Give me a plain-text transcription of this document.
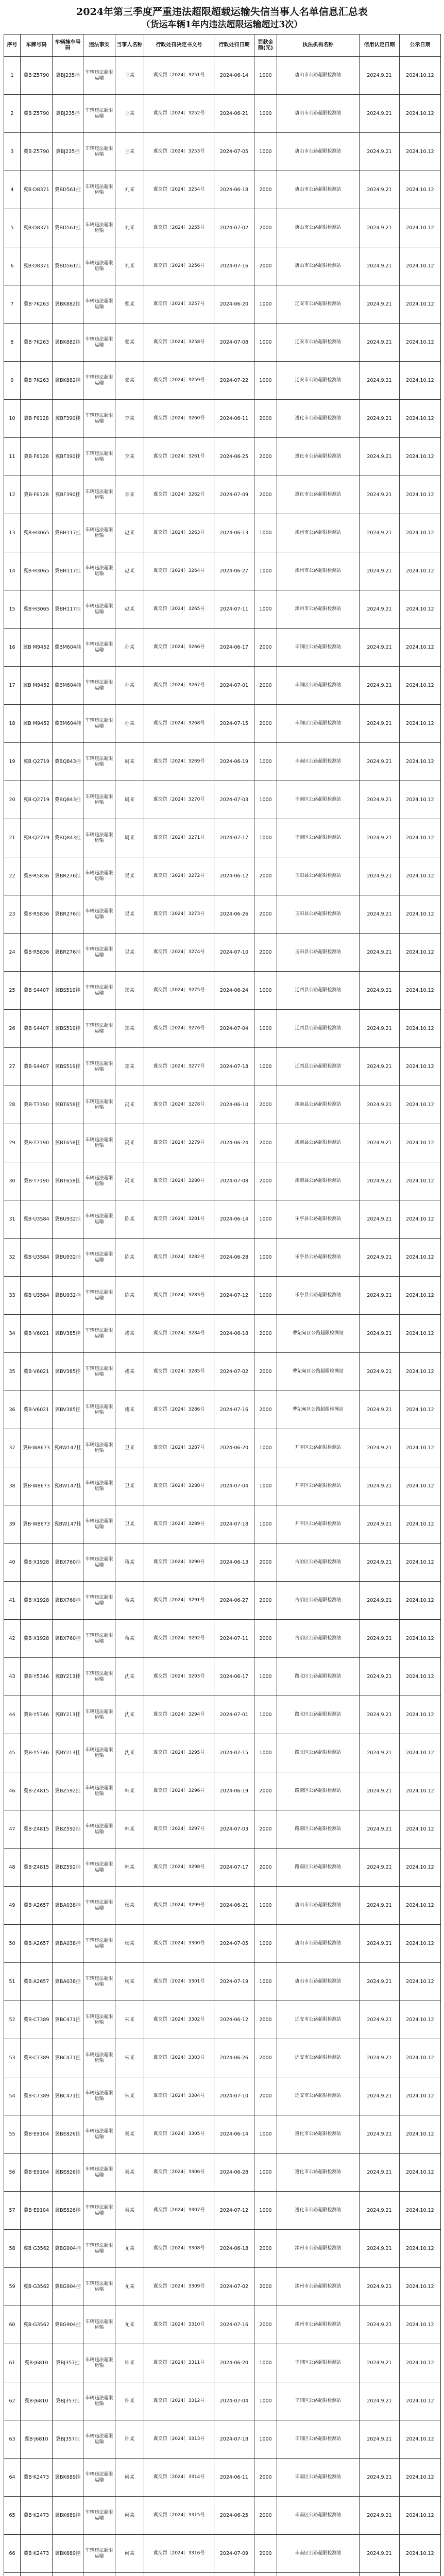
2024年第三季度严重违法超限超载运输失信当事人名单信息汇总表
（货运车辆1年内违法超限运输超过3次）
序号	车牌号码	车辆挂车号码	违法事实	当事人名称	行政处罚决定书文号	行政处罚日期	罚款金额(元)	执法机构名称	信用认定日期	公示日期
1	冀B·Z5790	冀BJ235挂	车辆违法超限运输	王某	冀交罚〔2024〕3251号	2024-06-14	1000	唐山市公路超限检测站	2024.9.21	2024.10.12
2	冀B·Z5790	冀BJ235挂	车辆违法超限运输	王某	冀交罚〔2024〕3252号	2024-06-21	1000	唐山市公路超限检测站	2024.9.21	2024.10.12
3	冀B·Z5790	冀BJ235挂	车辆违法超限运输	王某	冀交罚〔2024〕3253号	2024-07-05	1000	唐山市公路超限检测站	2024.9.21	2024.10.12
4	冀B·D8371	冀BD561挂	车辆违法超限运输	刘某	冀交罚〔2024〕3254号	2024-06-18	2000	唐山市公路超限检测站	2024.9.21	2024.10.12
5	冀B·D8371	冀BD561挂	车辆违法超限运输	刘某	冀交罚〔2024〕3255号	2024-07-02	2000	唐山市公路超限检测站	2024.9.21	2024.10.12
6	冀B·D8371	冀BD561挂	车辆违法超限运输	刘某	冀交罚〔2024〕3256号	2024-07-16	2000	唐山市公路超限检测站	2024.9.21	2024.10.12
7	冀B·7K263	冀BK882挂	车辆违法超限运输	张某	冀交罚〔2024〕3257号	2024-06-20	1000	迁安市公路超限检测站	2024.9.21	2024.10.12
8	冀B·7K263	冀BK882挂	车辆违法超限运输	张某	冀交罚〔2024〕3258号	2024-07-08	1000	迁安市公路超限检测站	2024.9.21	2024.10.12
9	冀B·7K263	冀BK882挂	车辆违法超限运输	张某	冀交罚〔2024〕3259号	2024-07-22	1000	迁安市公路超限检测站	2024.9.21	2024.10.12
10	冀B·F6128	冀BF390挂	车辆违法超限运输	李某	冀交罚〔2024〕3260号	2024-06-11	2000	遵化市公路超限检测站	2024.9.21	2024.10.12
11	冀B·F6128	冀BF390挂	车辆违法超限运输	李某	冀交罚〔2024〕3261号	2024-06-25	2000	遵化市公路超限检测站	2024.9.21	2024.10.12
12	冀B·F6128	冀BF390挂	车辆违法超限运输	李某	冀交罚〔2024〕3262号	2024-07-09	2000	遵化市公路超限检测站	2024.9.21	2024.10.12
13	冀B·H3065	冀BH117挂	车辆违法超限运输	赵某	冀交罚〔2024〕3263号	2024-06-13	1000	滦州市公路超限检测站	2024.9.21	2024.10.12
14	冀B·H3065	冀BH117挂	车辆违法超限运输	赵某	冀交罚〔2024〕3264号	2024-06-27	1000	滦州市公路超限检测站	2024.9.21	2024.10.12
15	冀B·H3065	冀BH117挂	车辆违法超限运输	赵某	冀交罚〔2024〕3265号	2024-07-11	1000	滦州市公路超限检测站	2024.9.21	2024.10.12
16	冀B·M9452	冀BM604挂	车辆违法超限运输	孙某	冀交罚〔2024〕3266号	2024-06-17	2000	丰润区公路超限检测站	2024.9.21	2024.10.12
17	冀B·M9452	冀BM604挂	车辆违法超限运输	孙某	冀交罚〔2024〕3267号	2024-07-01	2000	丰润区公路超限检测站	2024.9.21	2024.10.12
18	冀B·M9452	冀BM604挂	车辆违法超限运输	孙某	冀交罚〔2024〕3268号	2024-07-15	2000	丰润区公路超限检测站	2024.9.21	2024.10.12
19	冀B·Q2719	冀BQ843挂	车辆违法超限运输	周某	冀交罚〔2024〕3269号	2024-06-19	1000	丰南区公路超限检测站	2024.9.21	2024.10.12
20	冀B·Q2719	冀BQ843挂	车辆违法超限运输	周某	冀交罚〔2024〕3270号	2024-07-03	1000	丰南区公路超限检测站	2024.9.21	2024.10.12
21	冀B·Q2719	冀BQ843挂	车辆违法超限运输	周某	冀交罚〔2024〕3271号	2024-07-17	1000	丰南区公路超限检测站	2024.9.21	2024.10.12
22	冀B·R5836	冀BR276挂	车辆违法超限运输	吴某	冀交罚〔2024〕3272号	2024-06-12	2000	玉田县公路超限检测站	2024.9.21	2024.10.12
23	冀B·R5836	冀BR276挂	车辆违法超限运输	吴某	冀交罚〔2024〕3273号	2024-06-26	2000	玉田县公路超限检测站	2024.9.21	2024.10.12
24	冀B·R5836	冀BR276挂	车辆违法超限运输	吴某	冀交罚〔2024〕3274号	2024-07-10	2000	玉田县公路超限检测站	2024.9.21	2024.10.12
25	冀B·S4407	冀BS519挂	车辆违法超限运输	郑某	冀交罚〔2024〕3275号	2024-06-24	1000	迁西县公路超限检测站	2024.9.21	2024.10.12
26	冀B·S4407	冀BS519挂	车辆违法超限运输	郑某	冀交罚〔2024〕3276号	2024-07-04	1000	迁西县公路超限检测站	2024.9.21	2024.10.12
27	冀B·S4407	冀BS519挂	车辆违法超限运输	郑某	冀交罚〔2024〕3277号	2024-07-18	1000	迁西县公路超限检测站	2024.9.21	2024.10.12
28	冀B·T7190	冀BT658挂	车辆违法超限运输	冯某	冀交罚〔2024〕3278号	2024-06-10	2000	滦南县公路超限检测站	2024.9.21	2024.10.12
29	冀B·T7190	冀BT658挂	车辆违法超限运输	冯某	冀交罚〔2024〕3279号	2024-06-24	2000	滦南县公路超限检测站	2024.9.21	2024.10.12
30	冀B·T7190	冀BT658挂	车辆违法超限运输	冯某	冀交罚〔2024〕3280号	2024-07-08	2000	滦南县公路超限检测站	2024.9.21	2024.10.12
31	冀B·U3584	冀BU932挂	车辆违法超限运输	陈某	冀交罚〔2024〕3281号	2024-06-14	1000	乐亭县公路超限检测站	2024.9.21	2024.10.12
32	冀B·U3584	冀BU932挂	车辆违法超限运输	陈某	冀交罚〔2024〕3282号	2024-06-28	1000	乐亭县公路超限检测站	2024.9.21	2024.10.12
33	冀B·U3584	冀BU932挂	车辆违法超限运输	陈某	冀交罚〔2024〕3283号	2024-07-12	1000	乐亭县公路超限检测站	2024.9.21	2024.10.12
34	冀B·V6021	冀BV385挂	车辆违法超限运输	褚某	冀交罚〔2024〕3284号	2024-06-18	2000	曹妃甸区公路超限检测站	2024.9.21	2024.10.12
35	冀B·V6021	冀BV385挂	车辆违法超限运输	褚某	冀交罚〔2024〕3285号	2024-07-02	2000	曹妃甸区公路超限检测站	2024.9.21	2024.10.12
36	冀B·V6021	冀BV385挂	车辆违法超限运输	褚某	冀交罚〔2024〕3286号	2024-07-16	2000	曹妃甸区公路超限检测站	2024.9.21	2024.10.12
37	冀B·W8673	冀BW147挂	车辆违法超限运输	卫某	冀交罚〔2024〕3287号	2024-06-20	1000	开平区公路超限检测站	2024.9.21	2024.10.12
38	冀B·W8673	冀BW147挂	车辆违法超限运输	卫某	冀交罚〔2024〕3288号	2024-07-04	1000	开平区公路超限检测站	2024.9.21	2024.10.12
39	冀B·W8673	冀BW147挂	车辆违法超限运输	卫某	冀交罚〔2024〕3289号	2024-07-18	1000	开平区公路超限检测站	2024.9.21	2024.10.12
40	冀B·X1928	冀BX760挂	车辆违法超限运输	蒋某	冀交罚〔2024〕3290号	2024-06-13	2000	古冶区公路超限检测站	2024.9.21	2024.10.12
41	冀B·X1928	冀BX760挂	车辆违法超限运输	蒋某	冀交罚〔2024〕3291号	2024-06-27	2000	古冶区公路超限检测站	2024.9.21	2024.10.12
42	冀B·X1928	冀BX760挂	车辆违法超限运输	蒋某	冀交罚〔2024〕3292号	2024-07-11	2000	古冶区公路超限检测站	2024.9.21	2024.10.12
43	冀B·Y5346	冀BY213挂	车辆违法超限运输	沈某	冀交罚〔2024〕3293号	2024-06-17	1000	路北区公路超限检测站	2024.9.21	2024.10.12
44	冀B·Y5346	冀BY213挂	车辆违法超限运输	沈某	冀交罚〔2024〕3294号	2024-07-01	1000	路北区公路超限检测站	2024.9.21	2024.10.12
45	冀B·Y5346	冀BY213挂	车辆违法超限运输	沈某	冀交罚〔2024〕3295号	2024-07-15	1000	路北区公路超限检测站	2024.9.21	2024.10.12
46	冀B·Z4815	冀BZ592挂	车辆违法超限运输	韩某	冀交罚〔2024〕3296号	2024-06-19	2000	路南区公路超限检测站	2024.9.21	2024.10.12
47	冀B·Z4815	冀BZ592挂	车辆违法超限运输	韩某	冀交罚〔2024〕3297号	2024-07-03	2000	路南区公路超限检测站	2024.9.21	2024.10.12
48	冀B·Z4815	冀BZ592挂	车辆违法超限运输	韩某	冀交罚〔2024〕3298号	2024-07-17	2000	路南区公路超限检测站	2024.9.21	2024.10.12
49	冀B·A2657	冀BA038挂	车辆违法超限运输	杨某	冀交罚〔2024〕3299号	2024-06-21	1000	唐山市公路超限检测站	2024.9.21	2024.10.12
50	冀B·A2657	冀BA038挂	车辆违法超限运输	杨某	冀交罚〔2024〕3300号	2024-07-05	1000	唐山市公路超限检测站	2024.9.21	2024.10.12
51	冀B·A2657	冀BA038挂	车辆违法超限运输	杨某	冀交罚〔2024〕3301号	2024-07-19	1000	唐山市公路超限检测站	2024.9.21	2024.10.12
52	冀B·C7389	冀BC471挂	车辆违法超限运输	朱某	冀交罚〔2024〕3302号	2024-06-12	2000	迁安市公路超限检测站	2024.9.21	2024.10.12
53	冀B·C7389	冀BC471挂	车辆违法超限运输	朱某	冀交罚〔2024〕3303号	2024-06-26	2000	迁安市公路超限检测站	2024.9.21	2024.10.12
54	冀B·C7389	冀BC471挂	车辆违法超限运输	朱某	冀交罚〔2024〕3304号	2024-07-10	2000	迁安市公路超限检测站	2024.9.21	2024.10.12
55	冀B·E9104	冀BE826挂	车辆违法超限运输	秦某	冀交罚〔2024〕3305号	2024-06-14	1000	遵化市公路超限检测站	2024.9.21	2024.10.12
56	冀B·E9104	冀BE826挂	车辆违法超限运输	秦某	冀交罚〔2024〕3306号	2024-06-28	1000	遵化市公路超限检测站	2024.9.21	2024.10.12
57	冀B·E9104	冀BE826挂	车辆违法超限运输	秦某	冀交罚〔2024〕3307号	2024-07-12	1000	遵化市公路超限检测站	2024.9.21	2024.10.12
58	冀B·G3562	冀BG904挂	车辆违法超限运输	尤某	冀交罚〔2024〕3308号	2024-06-18	2000	滦州市公路超限检测站	2024.9.21	2024.10.12
59	冀B·G3562	冀BG904挂	车辆违法超限运输	尤某	冀交罚〔2024〕3309号	2024-07-02	2000	滦州市公路超限检测站	2024.9.21	2024.10.12
60	冀B·G3562	冀BG904挂	车辆违法超限运输	尤某	冀交罚〔2024〕3310号	2024-07-16	2000	滦州市公路超限检测站	2024.9.21	2024.10.12
61	冀B·J6810	冀BJ357挂	车辆违法超限运输	许某	冀交罚〔2024〕3311号	2024-06-20	1000	丰润区公路超限检测站	2024.9.21	2024.10.12
62	冀B·J6810	冀BJ357挂	车辆违法超限运输	许某	冀交罚〔2024〕3312号	2024-07-04	1000	丰润区公路超限检测站	2024.9.21	2024.10.12
63	冀B·J6810	冀BJ357挂	车辆违法超限运输	许某	冀交罚〔2024〕3313号	2024-07-18	1000	丰润区公路超限检测站	2024.9.21	2024.10.12
64	冀B·K2473	冀BK689挂	车辆违法超限运输	何某	冀交罚〔2024〕3314号	2024-06-11	2000	丰南区公路超限检测站	2024.9.21	2024.10.12
65	冀B·K2473	冀BK689挂	车辆违法超限运输	何某	冀交罚〔2024〕3315号	2024-06-25	2000	丰南区公路超限检测站	2024.9.21	2024.10.12
66	冀B·K2473	冀BK689挂	车辆违法超限运输	何某	冀交罚〔2024〕3316号	2024-07-09	2000	丰南区公路超限检测站	2024.9.21	2024.10.12
